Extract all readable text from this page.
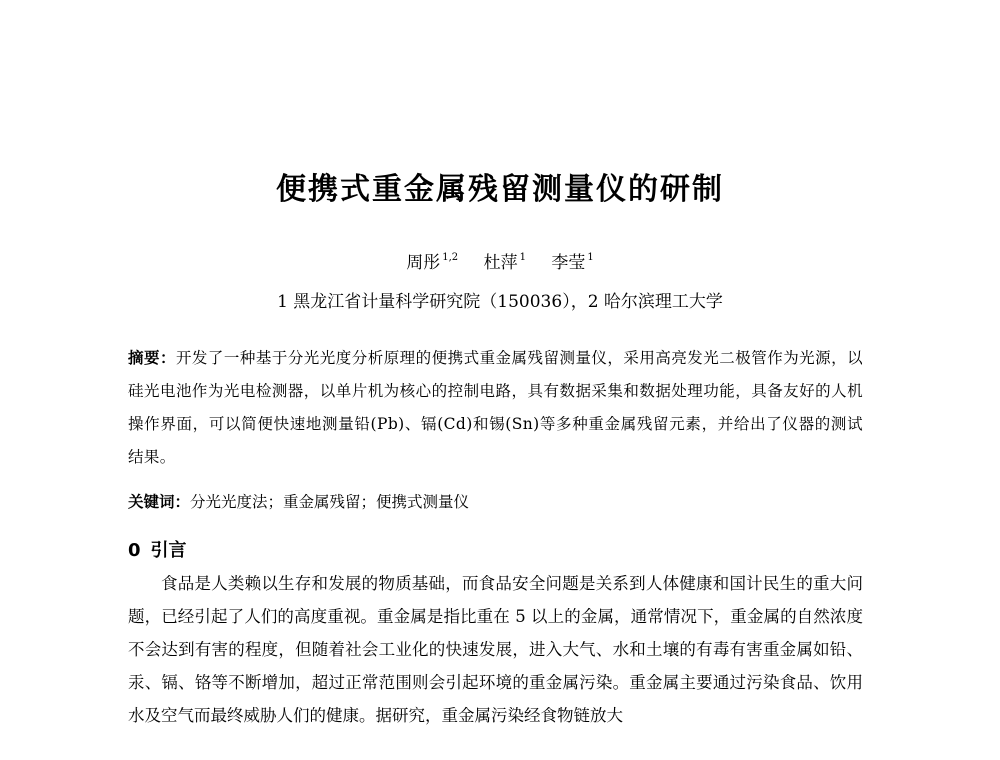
便携式重金属残留测量仪的研制
周彤 $^{1,2}$ 杜萍 $^1$ 李莹 $^1$
1 黑龙江省计量科学研究院（150036），2 哈尔滨理工大学
摘要：开发了一种基于分光光度分析原理的便携式重金属残留测量仪，采用高亮发光二极管作为光源，以硅光电池作为光电检测器，以单片机为核心的控制电路，具有数据采集和数据处理功能，具备友好的人机操作界面，可以简便快速地测量铅(Pb)、镉(Cd)和锡(Sn)等多种重金属残留元素，并给出了仪器的测试结果。
关键词：分光光度法；重金属残留；便携式测量仪
0 引言
食品是人类赖以生存和发展的物质基础，而食品安全问题是关系到人体健康和国计民生的重大问题，已经引起了人们的高度重视。重金属是指比重在 5 以上的金属，通常情况下，重金属的自然浓度不会达到有害的程度，但随着社会工业化的快速发展，进入大气、水和土壤的有毒有害重金属如铅、汞、镉、铬等不断增加，超过正常范围则会引起环境的重金属污染。重金属主要通过污染食品、饮用水及空气而最终威胁人们的健康。据研究，重金属污染经食物链放大
